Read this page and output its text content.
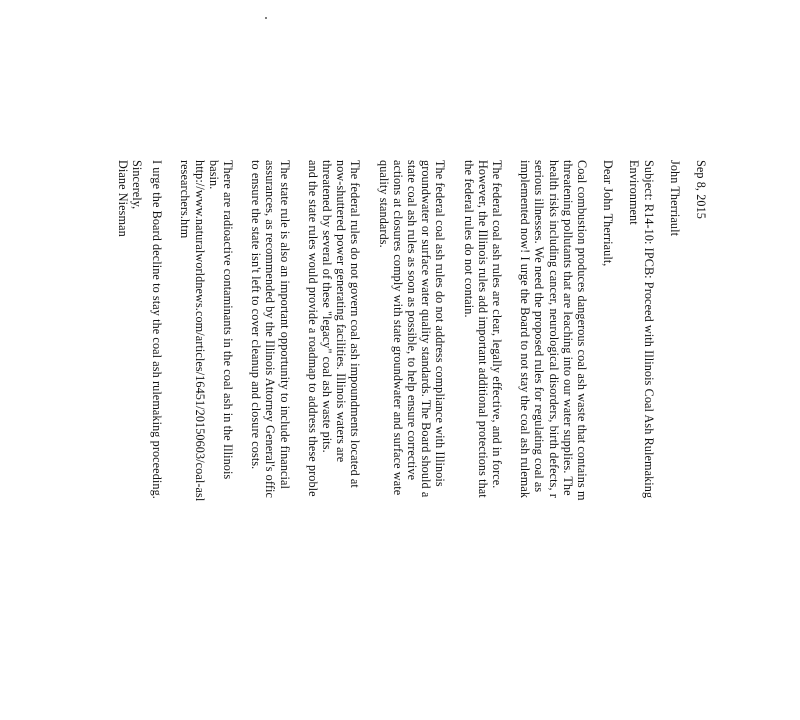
Sep 8, 2015
John Therriault
Subject: R14-10: IPCB: Proceed with Illinois Coal Ash Rulemaking
Environment
Dear John Therriault,
Coal combustion produces dangerous coal ash waste that contains m
threatening pollutants that are leaching into our water supplies. The
health risks including cancer, neurological disorders, birth defects, r
serious illnesses. We need the proposed rules for regulating coal as
implemented now! I urge the Board to not stay the coal ash rulemak
The federal coal ash rules are clear, legally effective, and in force.
However, the Illinois rules add important additional protections that
the federal rules do not contain.
The federal coal ash rules do not address compliance with Illinois
groundwater or surface water quality standards. The Board should a
state coal ash rules as soon as possible, to help ensure corrective
actions at closures comply with state groundwater and surface wate
quality standards.
The federal rules do not govern coal ash impoundments located at
now-shuttered power generating facilities. Illinois waters are
threatened by several of these "legacy" coal ash waste pits.
and the state rules would provide a roadmap to address these proble
The state rule is also an important opportunity to include financial
assurances, as recommended by the Illinois Attorney General's offic
to ensure the state isn't left to cover cleanup and closure costs.
There are radioactive contaminants in the coal ash in the Illinois
basin.
http://www.naturalworldnews.com/articles/16451/20150603/coal-asl
researchers.htm
I urge the Board decline to stay the coal ash rulemaking proceeding.
Sincerely,
Diane Niesman
